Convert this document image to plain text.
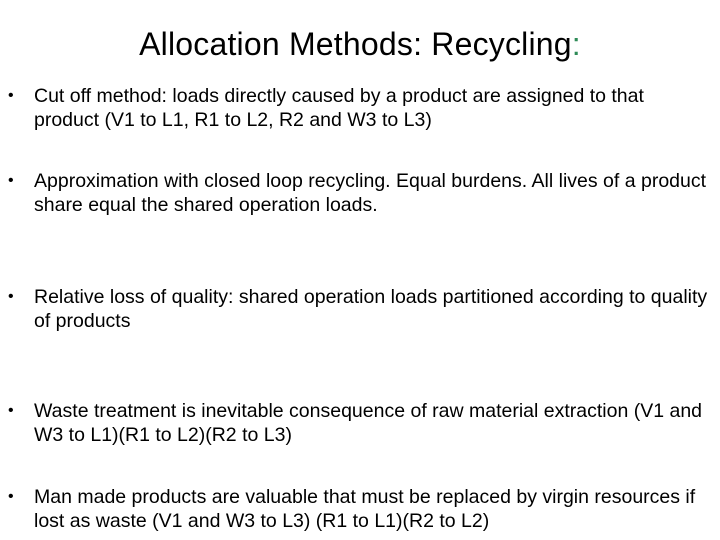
Allocation Methods: Recycling:
•	Cut off method: loads directly caused by a product are assigned to that product (V1 to L1, R1 to L2, R2 and W3 to L3)
•	Approximation with closed loop recycling. Equal burdens. All lives of a product share equal the shared operation loads.
•	Relative loss of quality: shared operation loads partitioned according to quality of products
•	Waste treatment is inevitable consequence of raw material extraction (V1 and W3 to L1)(R1 to L2)(R2 to L3)
•	Man made products are valuable that must be replaced by virgin resources if lost as waste (V1 and W3 to L3) (R1 to L1)(R2 to L2)
